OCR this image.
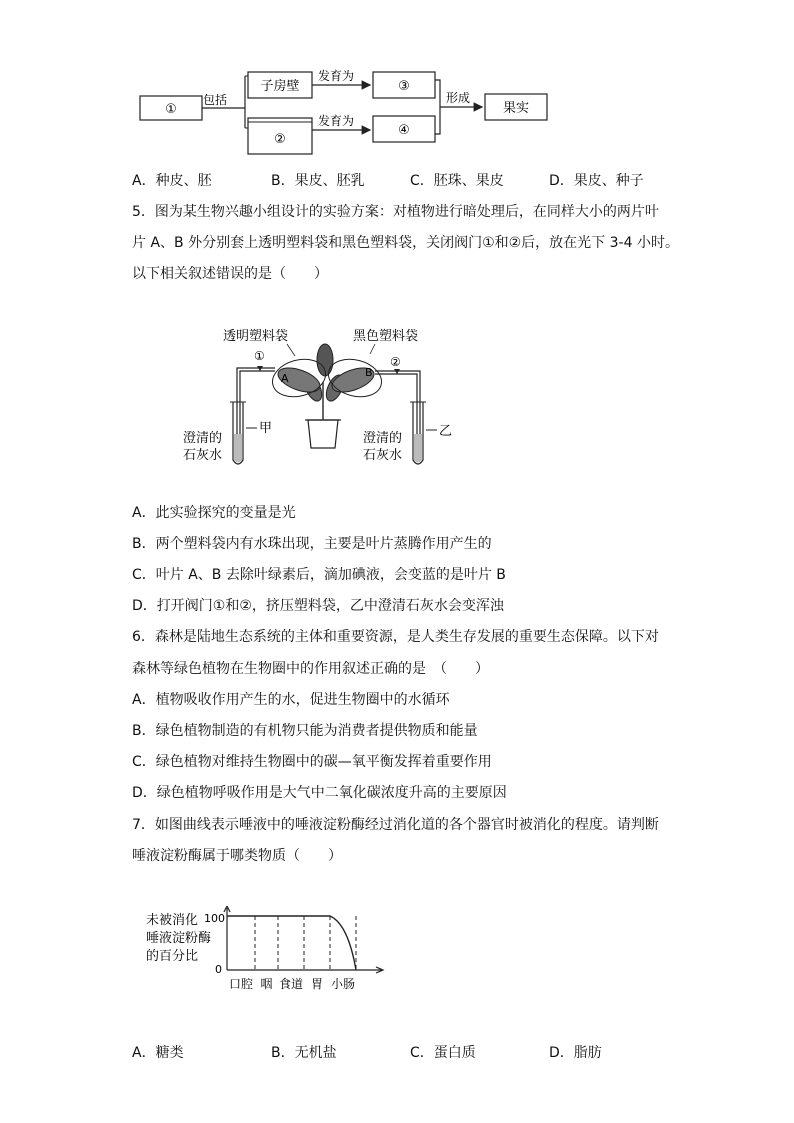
①
包括
子房壁
②
发育为
发育为
③
④
形成
果实
A．种皮、胚	B．果皮、胚乳	C．胚珠、果皮	D．果皮、种子
5．图为某生物兴趣小组设计的实验方案：对植物进行暗处理后，在同样大小的两片叶
片 A、B 外分别套上透明塑料袋和黑色塑料袋，关闭阀门①和②后，放在光下 3-4 小时。
以下相关叙述错误的是（　　）
透明塑料袋	黑色塑料袋
A	B
①
甲
澄清的
石灰水
②
乙
澄清的
石灰水
A．此实验探究的变量是光
B．两个塑料袋内有水珠出现，主要是叶片蒸腾作用产生的
C．叶片 A、B 去除叶绿素后，滴加碘液，会变蓝的是叶片 B
D．打开阀门①和②，挤压塑料袋，乙中澄清石灰水会变浑浊
6．森林是陆地生态系统的主体和重要资源，是人类生存发展的重要生态保障。以下对
森林等绿色植物在生物圈中的作用叙述正确的是　（　　）
A．植物吸收作用产生的水，促进生物圈中的水循环
B．绿色植物制造的有机物只能为消费者提供物质和能量
C．绿色植物对维持生物圈中的碳—氧平衡发挥着重要作用
D．绿色植物呼吸作用是大气中二氧化碳浓度升高的主要原因
7．如图曲线表示唾液中的唾液淀粉酶经过消化道的各个器官时被消化的程度。请判断
唾液淀粉酶属于哪类物质（　　）
未被消化
唾液淀粉酶
的百分比
100
0
口腔 咽 食道 胃 小肠
A．糖类	B．无机盐	C．蛋白质	D．脂肪
